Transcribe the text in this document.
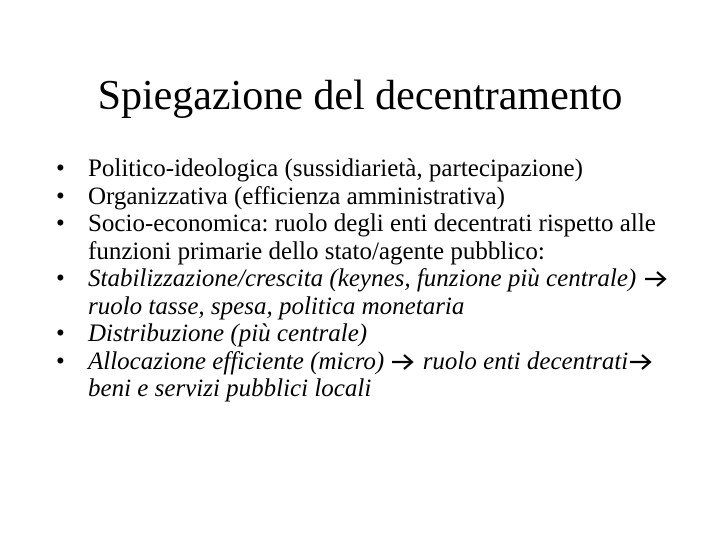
Spiegazione del decentramento
• Politico-ideologica (sussidiarietà, partecipazione)
• Organizzativa (efficienza amministrativa)
• Socio-economica: ruolo degli enti decentrati rispetto alle funzioni primarie dello stato/agente pubblico:
• Stabilizzazione/crescita (keynes, funzione più centrale)
ruolo tasse, spesa, politica monetaria
• Distribuzione (più centrale)
• Allocazione efficiente (micro) ruolo enti decentrati
beni e servizi pubblici locali
